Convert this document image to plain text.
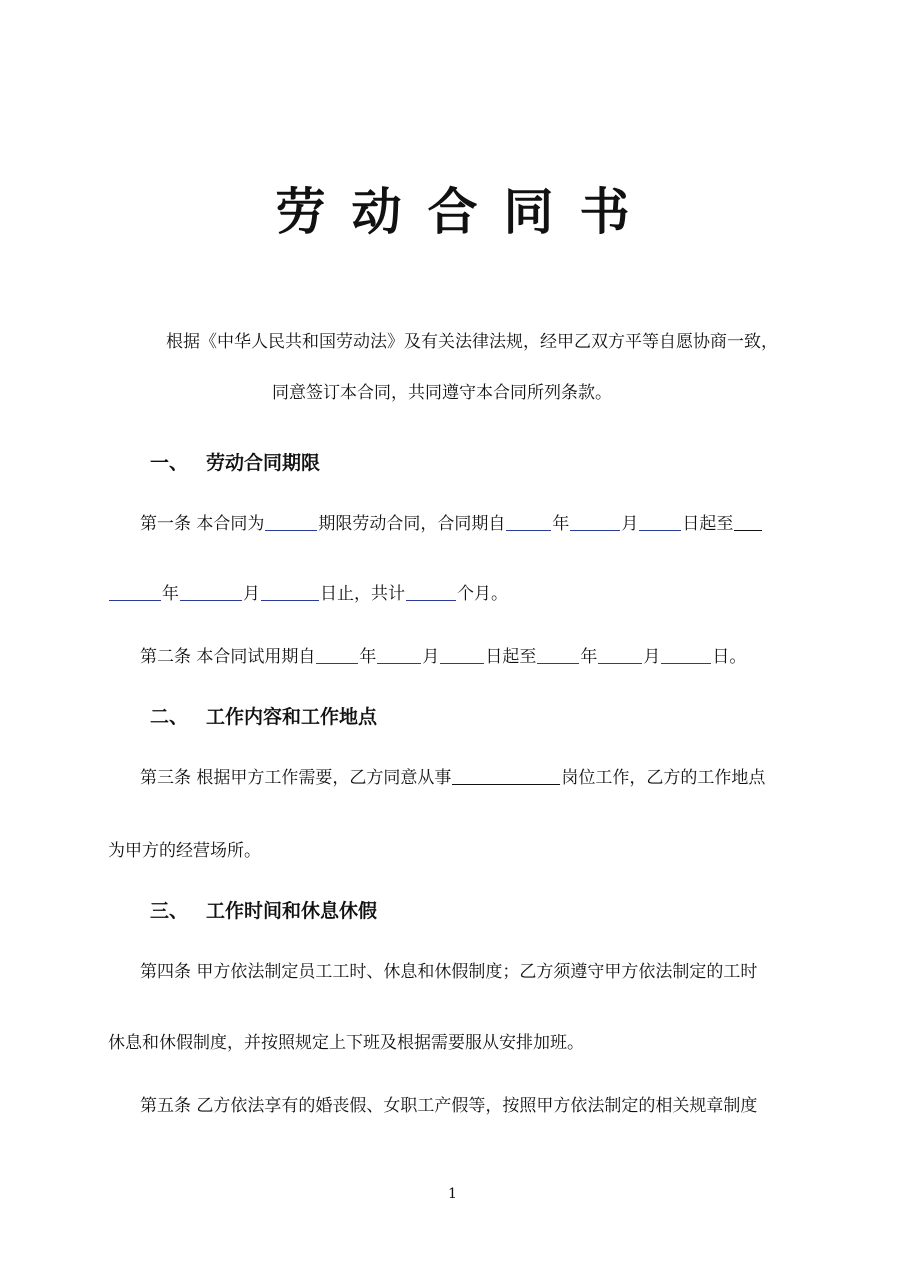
劳动合同书
根据《中华人民共和国劳动法》及有关法律法规，经甲乙双方平等自愿协商一致，
同意签订本合同，共同遵守本合同所列条款。
一、 劳动合同期限
第一条 本合同为	期限劳动合同，合同期自	年	月	日起至
年	月	日止，共计	个月。
第二条 本合同试用期自	年	月	日起至	年	月	日。
二、 工作内容和工作地点
第三条 根据甲方工作需要，乙方同意从事	岗位工作，乙方的工作地点
为甲方的经营场所。
三、 工作时间和休息休假
第四条 甲方依法制定员工工时、休息和休假制度；乙方须遵守甲方依法制定的工时
休息和休假制度，并按照规定上下班及根据需要服从安排加班。
第五条 乙方依法享有的婚丧假、女职工产假等，按照甲方依法制定的相关规章制度
1
